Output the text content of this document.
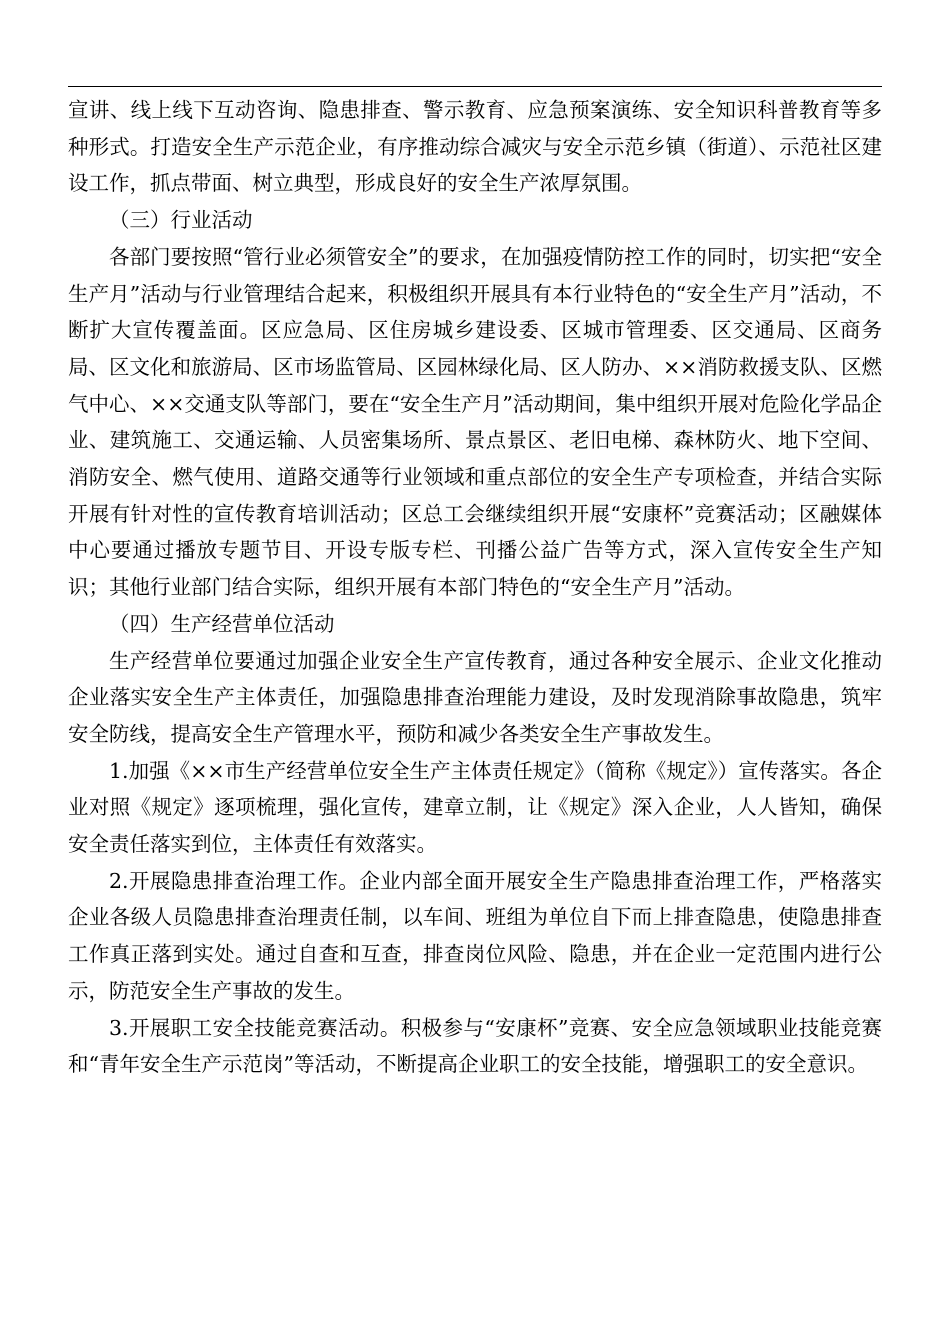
宣讲、线上线下互动咨询、隐患排查、警示教育、应急预案演练、安全知识科普教育等多种形式。打造安全生产示范企业，有序推动综合减灾与安全示范乡镇（街道）、示范社区建设工作，抓点带面、树立典型，形成良好的安全生产浓厚氛围。

（三）行业活动

各部门要按照“管行业必须管安全”的要求，在加强疫情防控工作的同时，切实把“安全生产月”活动与行业管理结合起来，积极组织开展具有本行业特色的“安全生产月”活动，不断扩大宣传覆盖面。区应急局、区住房城乡建设委、区城市管理委、区交通局、区商务局、区文化和旅游局、区市场监管局、区园林绿化局、区人防办、××消防救援支队、区燃气中心、××交通支队等部门，要在“安全生产月”活动期间，集中组织开展对危险化学品企业、建筑施工、交通运输、人员密集场所、景点景区、老旧电梯、森林防火、地下空间、消防安全、燃气使用、道路交通等行业领域和重点部位的安全生产专项检查，并结合实际开展有针对性的宣传教育培训活动；区总工会继续组织开展“安康杯”竞赛活动；区融媒体中心要通过播放专题节目、开设专版专栏、刊播公益广告等方式，深入宣传安全生产知识；其他行业部门结合实际，组织开展有本部门特色的“安全生产月”活动。

（四）生产经营单位活动

生产经营单位要通过加强企业安全生产宣传教育，通过各种安全展示、企业文化推动企业落实安全生产主体责任，加强隐患排查治理能力建设，及时发现消除事故隐患，筑牢安全防线，提高安全生产管理水平，预防和减少各类安全生产事故发生。

1.加强《××市生产经营单位安全生产主体责任规定》（简称《规定》）宣传落实。各企业对照《规定》逐项梳理，强化宣传，建章立制，让《规定》深入企业，人人皆知，确保安全责任落实到位，主体责任有效落实。

2.开展隐患排查治理工作。企业内部全面开展安全生产隐患排查治理工作，严格落实企业各级人员隐患排查治理责任制，以车间、班组为单位自下而上排查隐患，使隐患排查工作真正落到实处。通过自查和互查，排查岗位风险、隐患，并在企业一定范围内进行公示，防范安全生产事故的发生。

3.开展职工安全技能竞赛活动。积极参与“安康杯”竞赛、安全应急领域职业技能竞赛和“青年安全生产示范岗”等活动，不断提高企业职工的安全技能，增强职工的安全意识。
